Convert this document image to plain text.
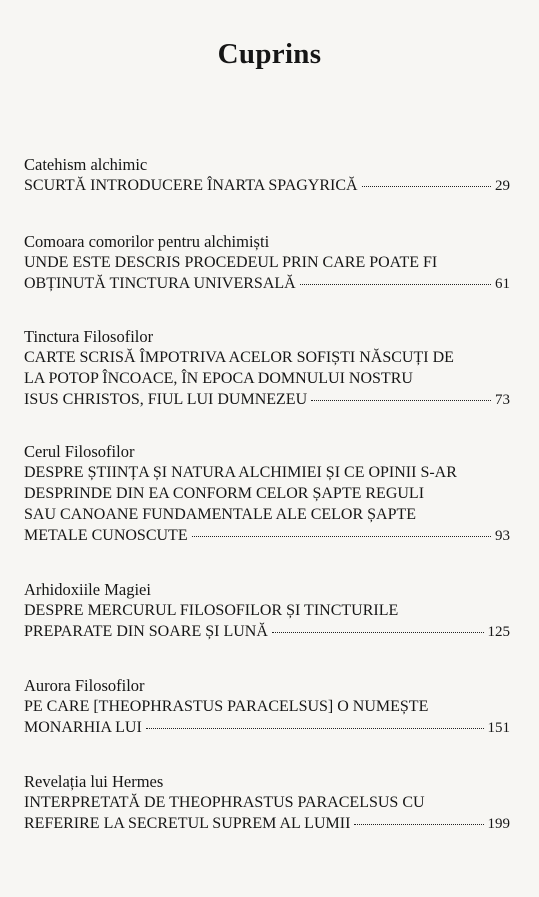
Cuprins
Catehism alchimic
SCURTĂ INTRODUCERE ÎNARTA SPAGYRICĂ	29
Comoara comorilor pentru alchimiști
UNDE ESTE DESCRIS PROCEDEUL PRIN CARE POATE FI
OBȚINUTĂ TINCTURA UNIVERSALĂ	61
Tinctura Filosofilor
CARTE SCRISĂ ÎMPOTRIVA ACELOR SOFIȘTI NĂSCUȚI DE
LA POTOP ÎNCOACE, ÎN EPOCA DOMNULUI NOSTRU
ISUS CHRISTOS, FIUL LUI DUMNEZEU	73
Cerul Filosofilor
DESPRE ȘTIINȚA ȘI NATURA ALCHIMIEI ȘI CE OPINII S-AR
DESPRINDE DIN EA CONFORM CELOR ȘAPTE REGULI
SAU CANOANE FUNDAMENTALE ALE CELOR ȘAPTE
METALE CUNOSCUTE	93
Arhidoxiile Magiei
DESPRE MERCURUL FILOSOFILOR ȘI TINCTURILE
PREPARATE DIN SOARE ȘI LUNĂ	125
Aurora Filosofilor
PE CARE [THEOPHRASTUS PARACELSUS] O NUMEȘTE
MONARHIA LUI	151
Revelația lui Hermes
INTERPRETATĂ DE THEOPHRASTUS PARACELSUS CU
REFERIRE LA SECRETUL SUPREM AL LUMII	199
